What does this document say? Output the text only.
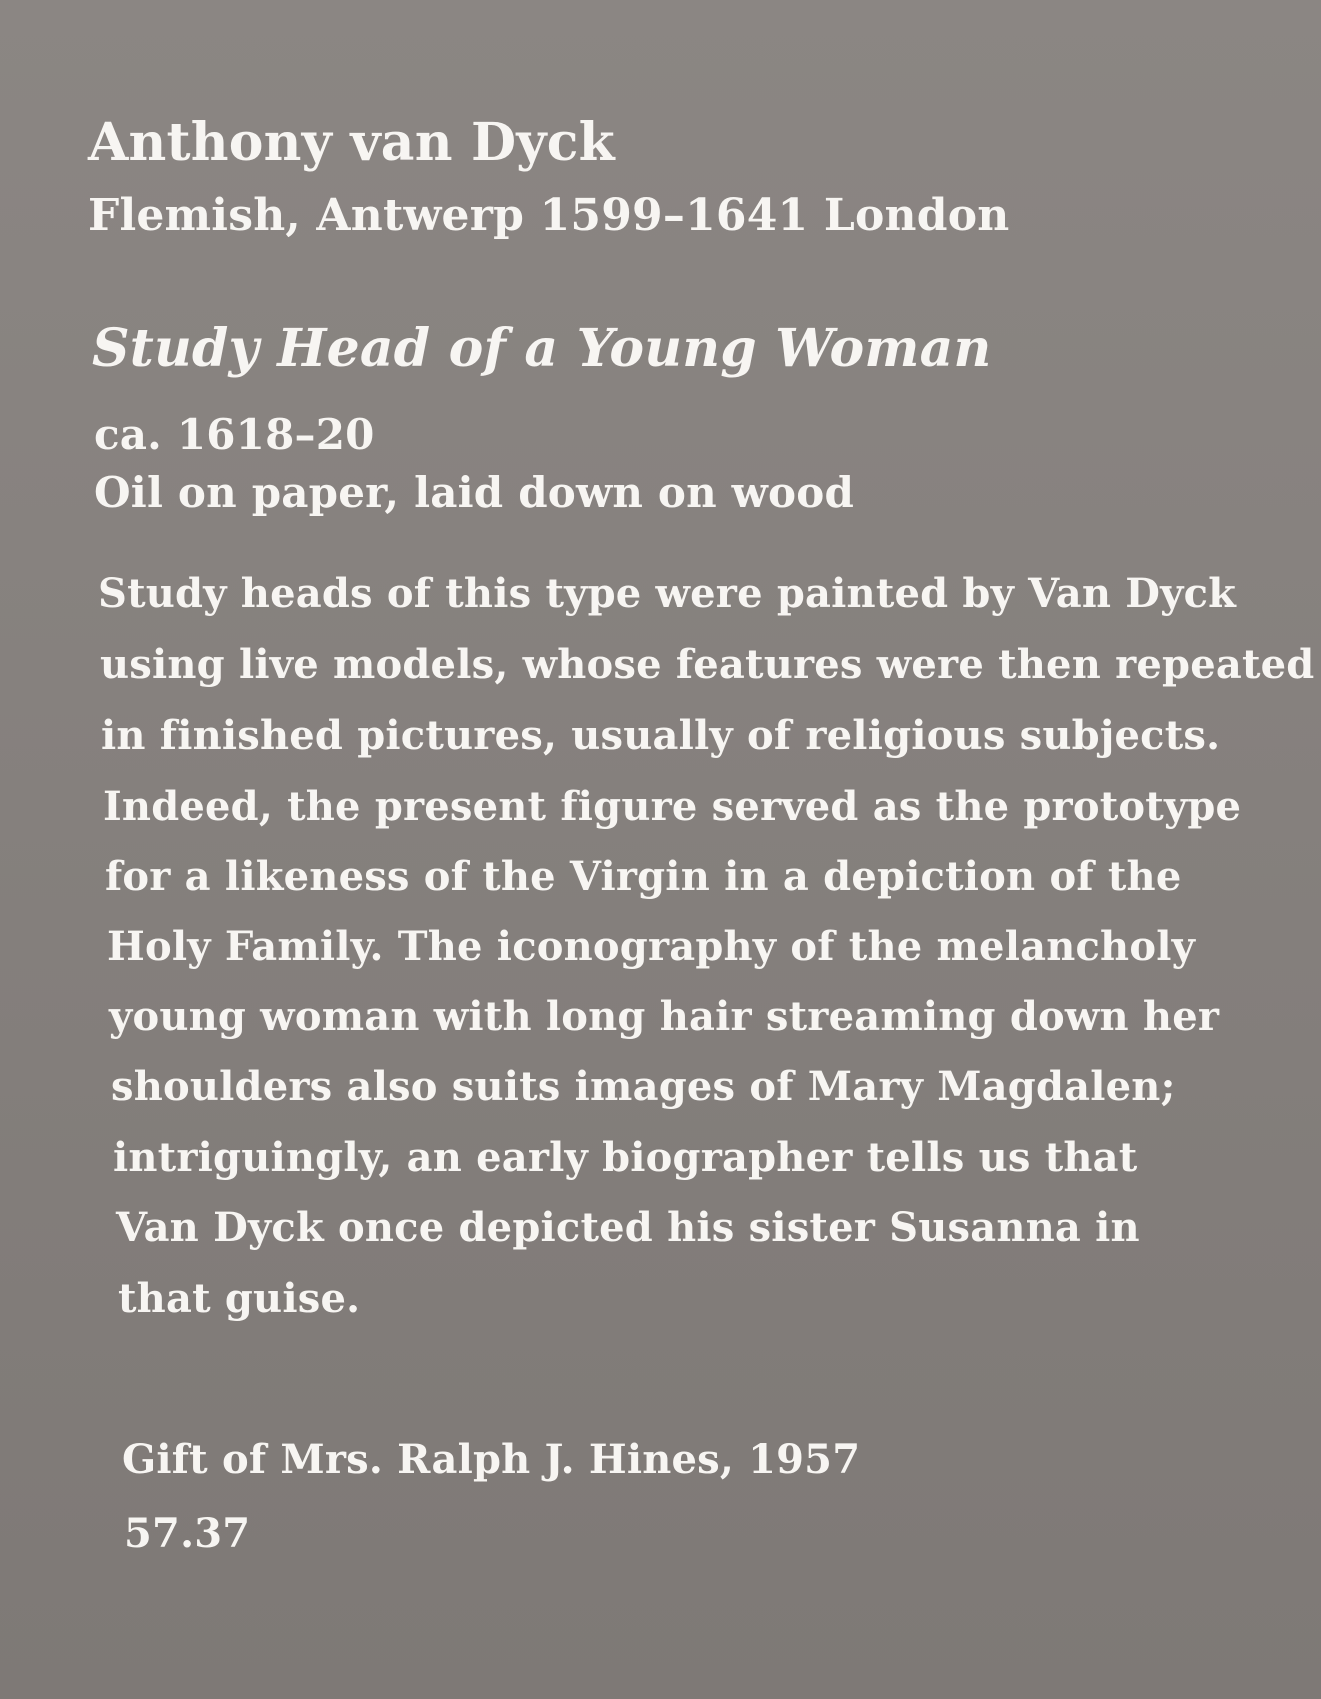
Anthony van Dyck
Flemish, Antwerp 1599–1641 London
Study Head of a Young Woman
ca. 1618–20
Oil on paper, laid down on wood
Study heads of this type were painted by Van Dyck
using live models, whose features were then repeated
in finished pictures, usually of religious subjects.
Indeed, the present figure served as the prototype
for a likeness of the Virgin in a depiction of the
Holy Family. The iconography of the melancholy
young woman with long hair streaming down her
shoulders also suits images of Mary Magdalen;
intriguingly, an early biographer tells us that
Van Dyck once depicted his sister Susanna in
that guise.
Gift of Mrs. Ralph J. Hines, 1957
57.37
